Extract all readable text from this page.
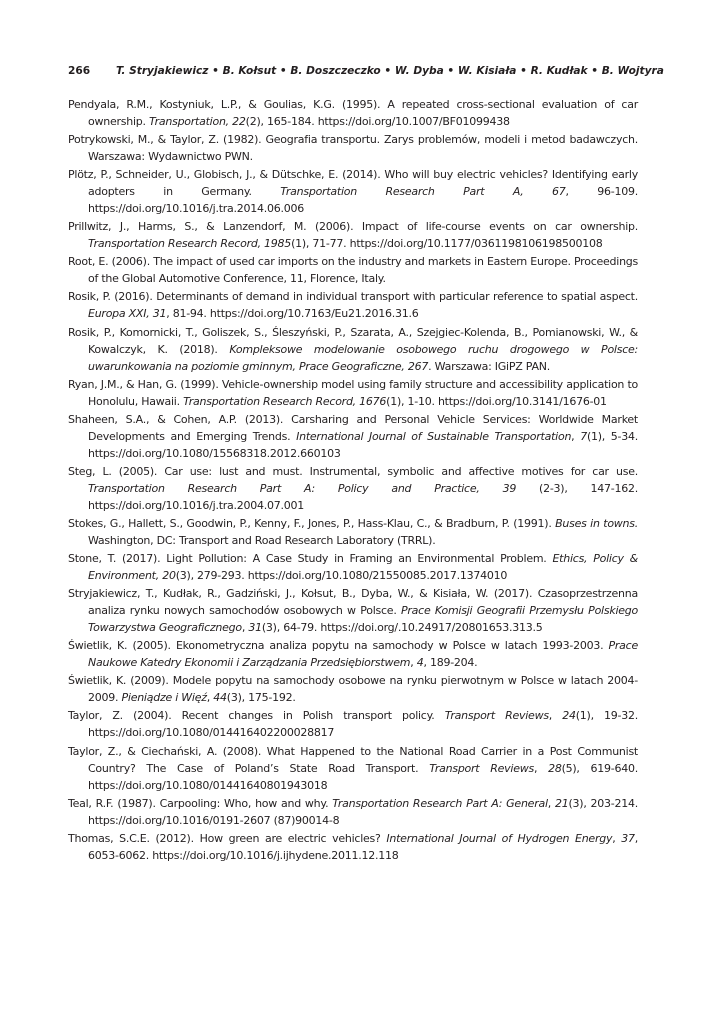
266 T. Stryjakiewicz • B. Kołsut • B. Doszczeczko • W. Dyba • W. Kisiała • R. Kudłak • B. Wojtyra

Pendyala, R.M., Kostyniuk, L.P., & Goulias, K.G. (1995). A repeated cross-sectional evaluation of car ownership. Transportation, 22(2), 165-184. https://doi.org/10.1007/BF01099438

Potrykowski, M., & Taylor, Z. (1982). Geografia transportu. Zarys problemów, modeli i metod badawczych. Warszawa: Wydawnictwo PWN.

Plötz, P., Schneider, U., Globisch, J., & Dütschke, E. (2014). Who will buy electric vehicles? Identifying early adopters in Germany. Transportation Research Part A, 67, 96-109. https://doi.org/10.1016/j.tra.2014.06.006

Prillwitz, J., Harms, S., & Lanzendorf, M. (2006). Impact of life-course events on car ownership. Transportation Research Record, 1985(1), 71-77. https://doi.org/10.1177/0361198106198500108

Root, E. (2006). The impact of used car imports on the industry and markets in Eastern Europe. Proceedings of the Global Automotive Conference, 11, Florence, Italy.

Rosik, P. (2016). Determinants of demand in individual transport with particular reference to spatial aspect. Europa XXI, 31, 81-94. https://doi.org/10.7163/Eu21.2016.31.6

Rosik, P., Komornicki, T., Goliszek, S., Śleszyński, P., Szarata, A., Szejgiec-Kolenda, B., Pomianowski, W., & Kowalczyk, K. (2018). Kompleksowe modelowanie osobowego ruchu drogowego w Polsce: uwarunkowania na poziomie gminnym, Prace Geograficzne, 267. Warszawa: IGiPZ PAN.

Ryan, J.M., & Han, G. (1999). Vehicle-ownership model using family structure and accessibility application to Honolulu, Hawaii. Transportation Research Record, 1676(1), 1-10. https://doi.org/10.3141/1676-01

Shaheen, S.A., & Cohen, A.P. (2013). Carsharing and Personal Vehicle Services: Worldwide Market Developments and Emerging Trends. International Journal of Sustainable Transportation, 7(1), 5-34. https://doi.org/10.1080/15568318.2012.660103

Steg, L. (2005). Car use: lust and must. Instrumental, symbolic and affective motives for car use. Transportation Research Part A: Policy and Practice, 39 (2-3), 147-162. https://doi.org/10.1016/j.tra.2004.07.001

Stokes, G., Hallett, S., Goodwin, P., Kenny, F., Jones, P., Hass-Klau, C., & Bradburn, P. (1991). Buses in towns. Washington, DC: Transport and Road Research Laboratory (TRRL).

Stone, T. (2017). Light Pollution: A Case Study in Framing an Environmental Problem. Ethics, Policy & Environment, 20(3), 279-293. https://doi.org/10.1080/21550085.2017.1374010

Stryjakiewicz, T., Kudłak, R., Gadziński, J., Kołsut, B., Dyba, W., & Kisiała, W. (2017). Czasoprzestrzenna analiza rynku nowych samochodów osobowych w Polsce. Prace Komisji Geografii Przemysłu Polskiego Towarzystwa Geograficznego, 31(3), 64-79. https://doi.org/.10.24917/20801653.313.5

Świetlik, K. (2005). Ekonometryczna analiza popytu na samochody w Polsce w latach 1993-2003. Prace Naukowe Katedry Ekonomii i Zarządzania Przedsiębiorstwem, 4, 189-204.

Świetlik, K. (2009). Modele popytu na samochody osobowe na rynku pierwotnym w Polsce w latach 2004-2009. Pieniądze i Więź, 44(3), 175-192.

Taylor, Z. (2004). Recent changes in Polish transport policy. Transport Reviews, 24(1), 19-32. https://doi.org/10.1080/014416402200028817

Taylor, Z., & Ciechański, A. (2008). What Happened to the National Road Carrier in a Post Communist Country? The Case of Poland’s State Road Transport. Transport Reviews, 28(5), 619-640. https://doi.org/10.1080/01441640801943018

Teal, R.F. (1987). Carpooling: Who, how and why. Transportation Research Part A: General, 21(3), 203-214. https://doi.org/10.1016/0191-2607 (87)90014-8

Thomas, S.C.E. (2012). How green are electric vehicles? International Journal of Hydrogen Energy, 37, 6053-6062. https://doi.org/10.1016/j.ijhydene.2011.12.118
